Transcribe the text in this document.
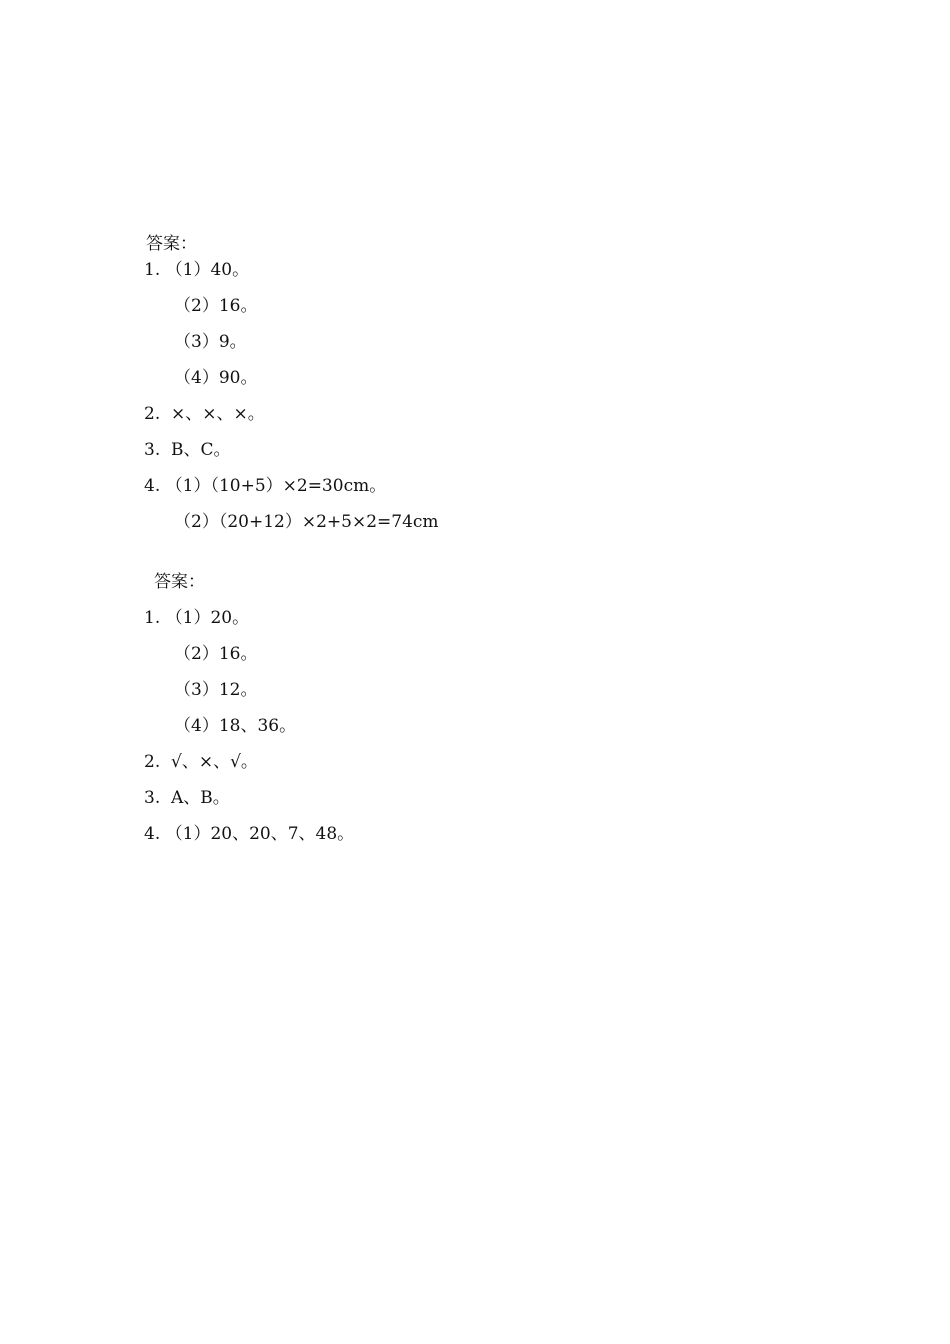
答案：
1. （1）40。
（2）16。
（3）9。
（4）90。
2.  ×、×、×。
3.  B、C。
4. （1）（10+5）×2=30cm。
（2）（20+12）×2+5×2=74cm
答案：
1. （1）20。
（2）16。
（3）12。
（4）18、36。
2.  √、×、√。
3.  A、B。
4. （1）20、20、7、48。
